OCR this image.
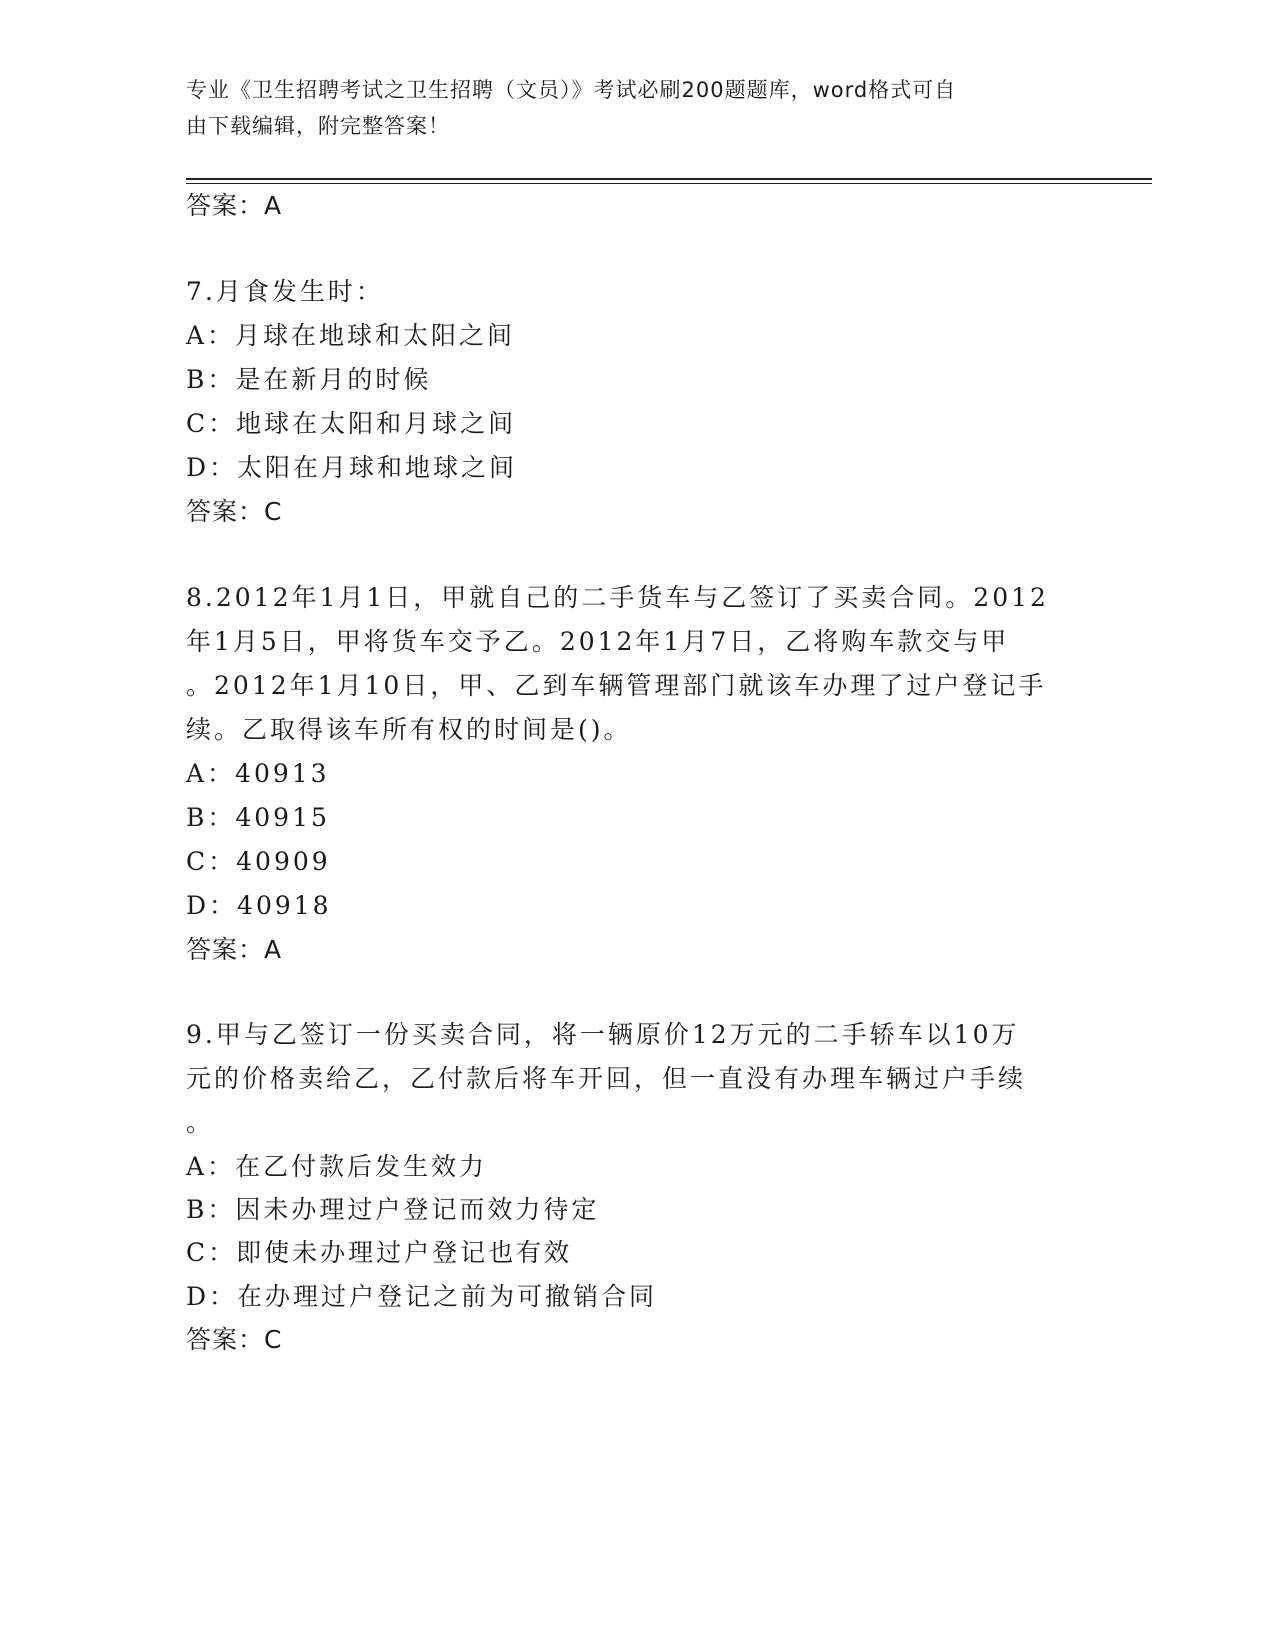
专业《卫生招聘考试之卫生招聘（文员）》考试必刷200题题库，word格式可自
由下载编辑，附完整答案！
答案：A
7.月食发生时：
A：月球在地球和太阳之间
B：是在新月的时候
C：地球在太阳和月球之间
D：太阳在月球和地球之间
答案：C
8.2012年1月1日，甲就自己的二手货车与乙签订了买卖合同。2012
年1月5日，甲将货车交予乙。2012年1月7日，乙将购车款交与甲
。2012年1月10日，甲、乙到车辆管理部门就该车办理了过户登记手
续。乙取得该车所有权的时间是()。
A：40913
B：40915
C：40909
D：40918
答案：A
9.甲与乙签订一份买卖合同，将一辆原价12万元的二手轿车以10万
元的价格卖给乙，乙付款后将车开回，但一直没有办理车辆过户手续
。
A：在乙付款后发生效力
B：因未办理过户登记而效力待定
C：即使未办理过户登记也有效
D：在办理过户登记之前为可撤销合同
答案：C
